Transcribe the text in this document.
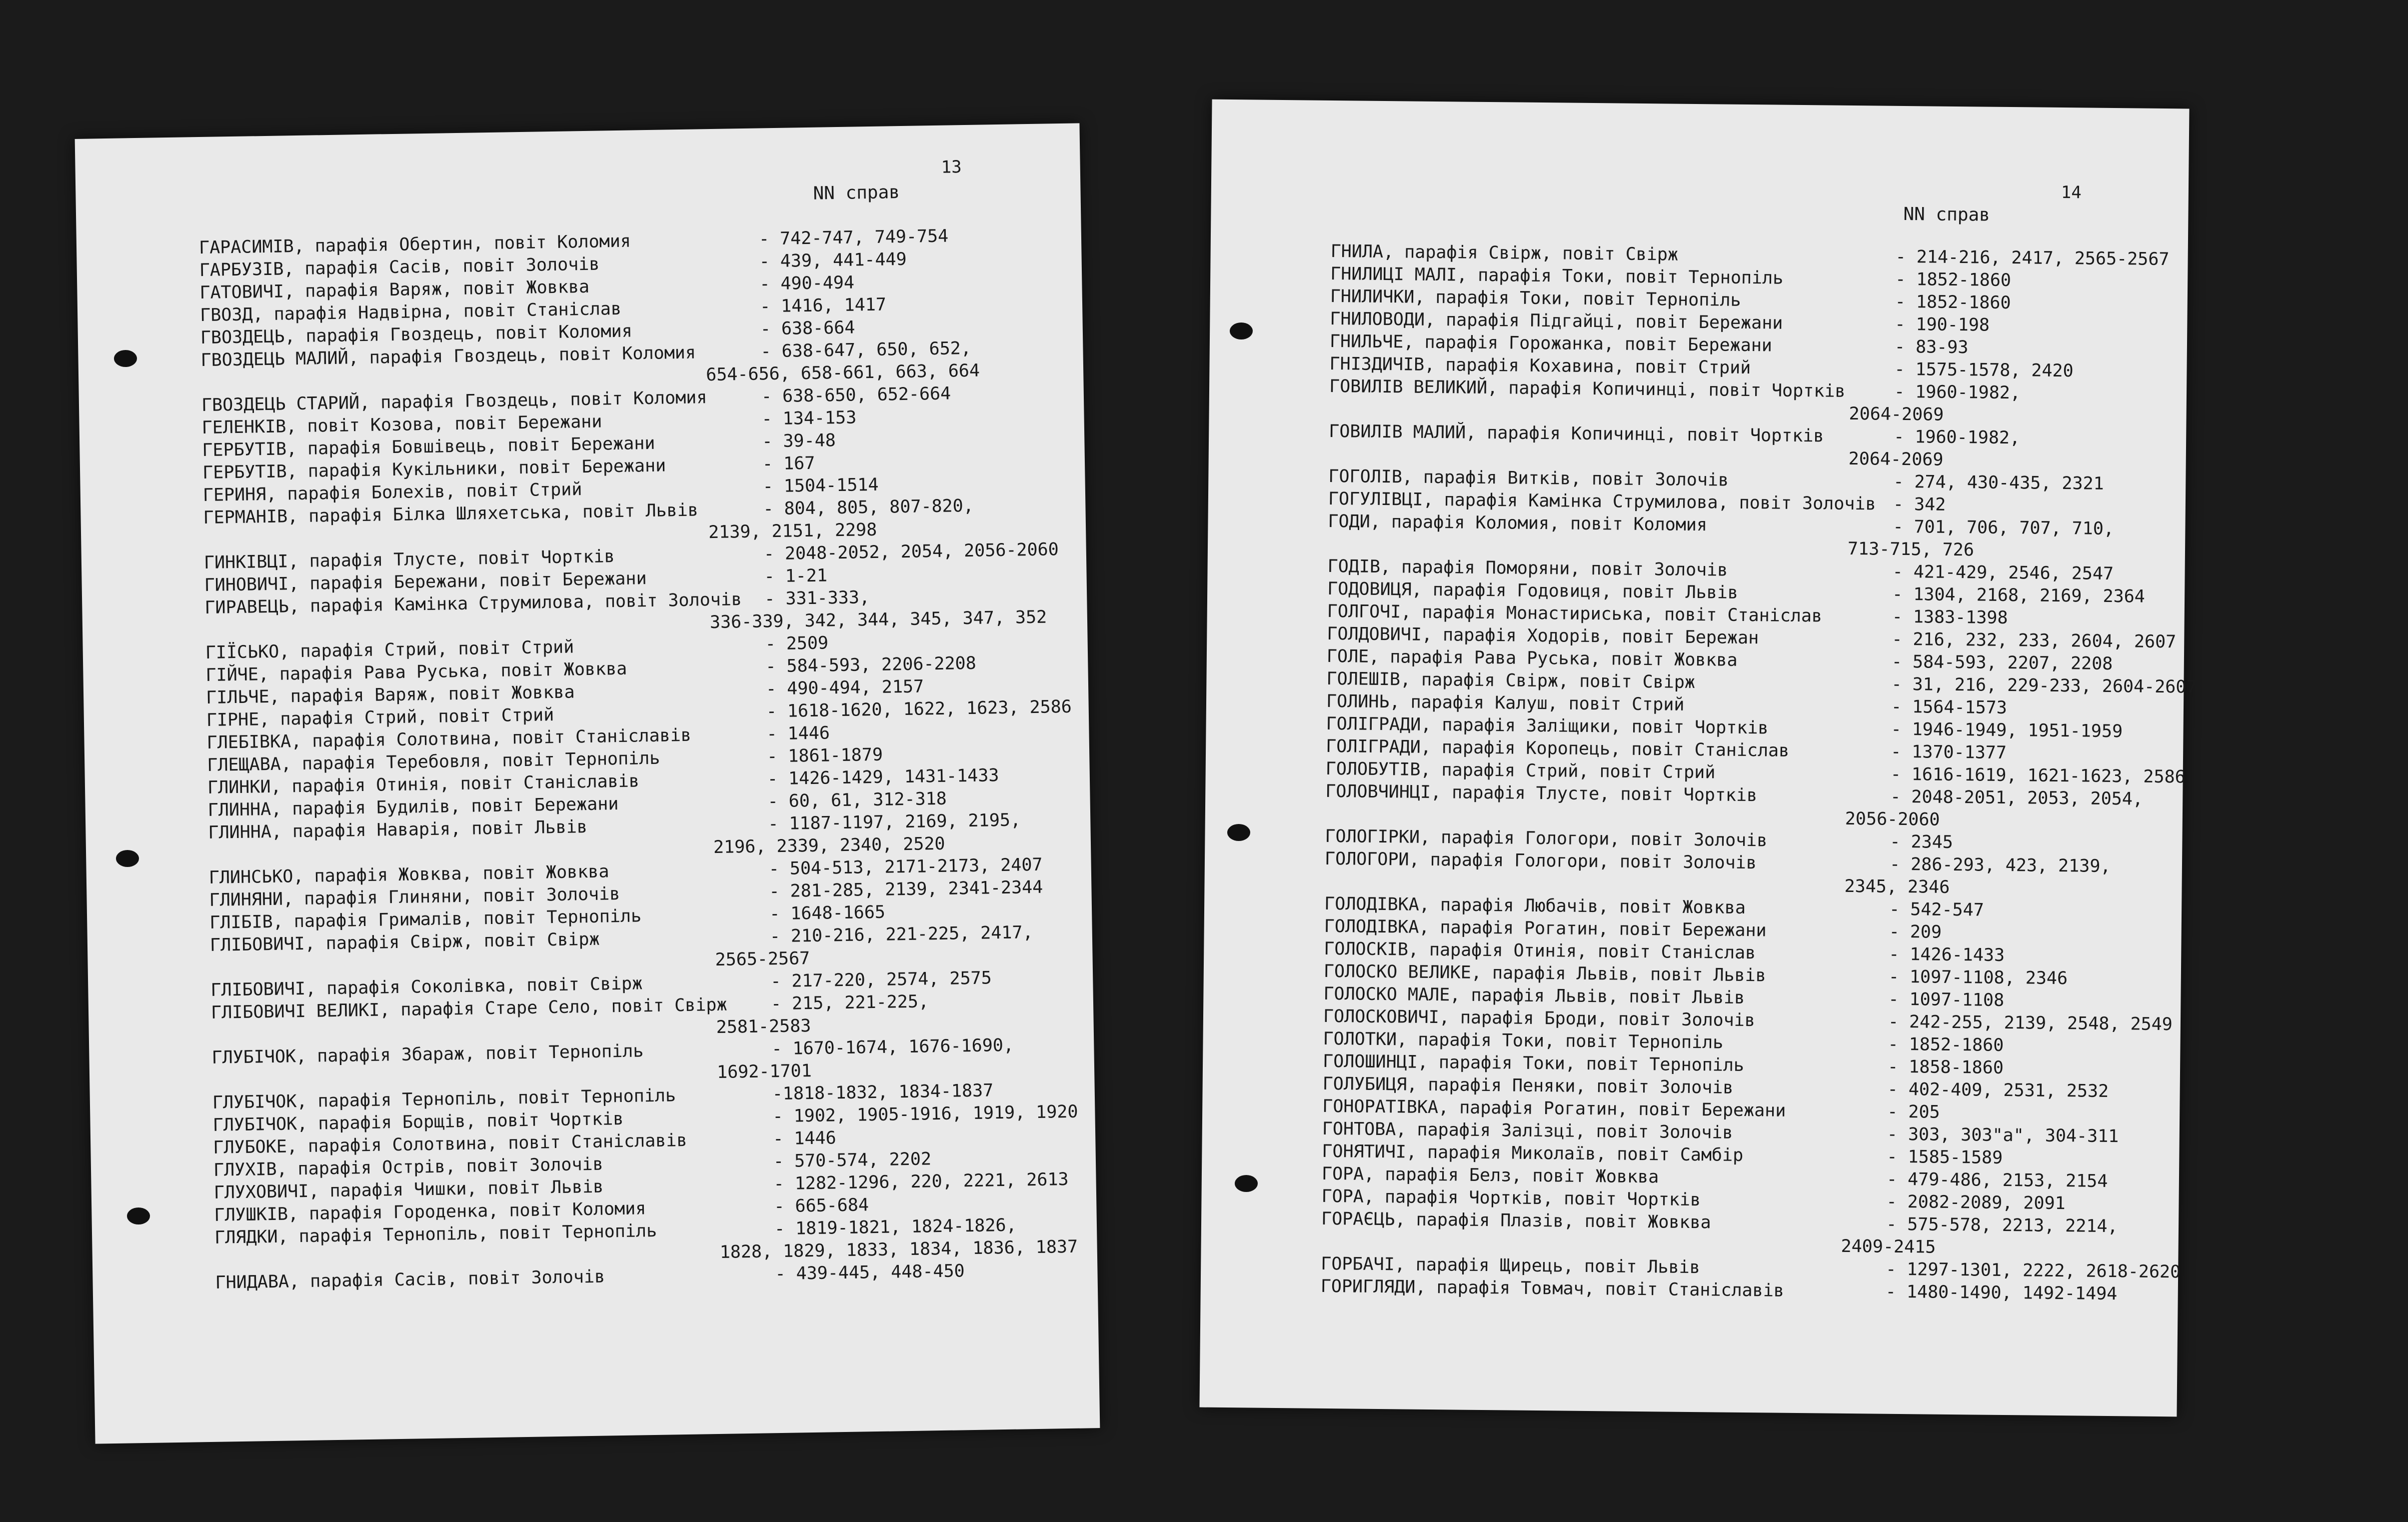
13
NN справ
ГАРАСИМІВ, парафія Обертин, повіт Коломия	- 742-747, 749-754
ГАРБУЗІВ, парафія Сасів, повіт Золочів	- 439, 441-449
ГАТОВИЧІ, парафія Варяж, повіт Жовква	- 490-494
ГВОЗД, парафія Надвірна, повіт Станіслав	- 1416, 1417
ГВОЗДЕЦЬ, парафія Гвоздець, повіт Коломия	- 638-664
ГВОЗДЕЦЬ МАЛИЙ, парафія Гвоздець, повіт Коломия	- 638-647, 650, 652,
654-656, 658-661, 663, 664
ГВОЗДЕЦЬ СТАРИЙ, парафія Гвоздець, повіт Коломия	- 638-650, 652-664
ГЕЛЕНКІВ, повіт Козова, повіт Бережани	- 134-153
ГЕРБУТІВ, парафія Бовшівець, повіт Бережани	- 39-48
ГЕРБУТІВ, парафія Кукільники, повіт Бережани	- 167
ГЕРИНЯ, парафія Болехів, повіт Стрий	- 1504-1514
ГЕРМАНІВ, парафія Білка Шляхетська, повіт Львів	- 804, 805, 807-820,
2139, 2151, 2298
ГИНКІВЦІ, парафія Тлусте, повіт Чортків	- 2048-2052, 2054, 2056-2060
ГИНОВИЧІ, парафія Бережани, повіт Бережани	- 1-21
ГИРАВЕЦЬ, парафія Камінка Струмилова, повіт Золочів - 331-333,
336-339, 342, 344, 345, 347, 352
ГІЇСЬКО, парафія Стрий, повіт Стрий	- 2509
ГІЙЧЕ, парафія Рава Руська, повіт Жовква	- 584-593, 2206-2208
ГІЛЬЧЕ, парафія Варяж, повіт Жовква	- 490-494, 2157
ГІРНЕ, парафія Стрий, повіт Стрий	- 1618-1620, 1622, 1623, 2586
ГЛЕБІВКА, парафія Солотвина, повіт Станіславів	- 1446
ГЛЕЩАВА, парафія Теребовля, повіт Тернопіль	- 1861-1879
ГЛИНКИ, парафія Отинія, повіт Станіславів	- 1426-1429, 1431-1433
ГЛИННА, парафія Будилів, повіт Бережани	- 60, 61, 312-318
ГЛИННА, парафія Наварія, повіт Львів	- 1187-1197, 2169, 2195,
2196, 2339, 2340, 2520
ГЛИНСЬКО, парафія Жовква, повіт Жовква	- 504-513, 2171-2173, 2407
ГЛИНЯНИ, парафія Глиняни, повіт Золочів	- 281-285, 2139, 2341-2344
ГЛІБІВ, парафія Грималів, повіт Тернопіль	- 1648-1665
ГЛІБОВИЧІ, парафія Свірж, повіт Свірж	- 210-216, 221-225, 2417,
2565-2567
ГЛІБОВИЧІ, парафія Соколівка, повіт Свірж	- 217-220, 2574, 2575
ГЛІБОВИЧІ ВЕЛИКІ, парафія Старе Село, повіт Свірж - 215, 221-225,
2581-2583
ГЛУБІЧОК, парафія Збараж, повіт Тернопіль	- 1670-1674, 1676-1690,
1692-1701
ГЛУБІЧОК, парафія Тернопіль, повіт Тернопіль	-1818-1832, 1834-1837
ГЛУБІЧОК, парафія Борщів, повіт Чортків	- 1902, 1905-1916, 1919, 1920
ГЛУБОКЕ, парафія Солотвина, повіт Станіславів	- 1446
ГЛУХІВ, парафія Острів, повіт Золочів	- 570-574, 2202
ГЛУХОВИЧІ, парафія Чишки, повіт Львів	- 1282-1296, 220, 2221, 2613
ГЛУШКІВ, парафія Городенка, повіт Коломия	- 665-684
ГЛЯДКИ, парафія Тернопіль, повіт Тернопіль	- 1819-1821, 1824-1826,
1828, 1829, 1833, 1834, 1836, 1837
ГНИДАВА, парафія Сасів, повіт Золочів	- 439-445, 448-450
14
NN справ
ГНИЛА, парафія Свірж, повіт Свірж	- 214-216, 2417, 2565-2567
ГНИЛИЦІ МАЛІ, парафія Токи, повіт Тернопіль	- 1852-1860
ГНИЛИЧКИ, парафія Токи, повіт Тернопіль	- 1852-1860
ГНИЛОВОДИ, парафія Підгайці, повіт Бережани	- 190-198
ГНИЛЬЧЕ, парафія Горожанка, повіт Бережани	- 83-93
ГНІЗДИЧІВ, парафія Кохавина, повіт Стрий	- 1575-1578, 2420
ГОВИЛІВ ВЕЛИКИЙ, парафія Копичинці, повіт Чортків	- 1960-1982,
2064-2069
ГОВИЛІВ МАЛИЙ, парафія Копичинці, повіт Чортків	- 1960-1982,
2064-2069
ГОГОЛІВ, парафія Витків, повіт Золочів	- 274, 430-435, 2321
ГОГУЛІВЦІ, парафія Камінка Струмилова, повіт Золочів - 342
ГОДИ, парафія Коломия, повіт Коломия	- 701, 706, 707, 710,
713-715, 726
ГОДІВ, парафія Поморяни, повіт Золочів	- 421-429, 2546, 2547
ГОДОВИЦЯ, парафія Годовиця, повіт Львів	- 1304, 2168, 2169, 2364
ГОЛГОЧІ, парафія Монастириська, повіт Станіслав	- 1383-1398
ГОЛДОВИЧІ, парафія Ходорів, повіт Бережан	- 216, 232, 233, 2604, 2607
ГОЛЕ, парафія Рава Руська, повіт Жовква	- 584-593, 2207, 2208
ГОЛЕШІВ, парафія Свірж, повіт Свірж	- 31, 216, 229-233, 2604-2607
ГОЛИНЬ, парафія Калуш, повіт Стрий	- 1564-1573
ГОЛІГРАДИ, парафія Заліщики, повіт Чортків	- 1946-1949, 1951-1959
ГОЛІГРАДИ, парафія Коропець, повіт Станіслав	- 1370-1377
ГОЛОБУТІВ, парафія Стрий, повіт Стрий	- 1616-1619, 1621-1623, 2586
ГОЛОВЧИНЦІ, парафія Тлусте, повіт Чортків	- 2048-2051, 2053, 2054,
2056-2060
ГОЛОГІРКИ, парафія Гологори, повіт Золочів	- 2345
ГОЛОГОРИ, парафія Гологори, повіт Золочів	- 286-293, 423, 2139,
2345, 2346
ГОЛОДІВКА, парафія Любачів, повіт Жовква	- 542-547
ГОЛОДІВКА, парафія Рогатин, повіт Бережани	- 209
ГОЛОСКІВ, парафія Отинія, повіт Станіслав	- 1426-1433
ГОЛОСКО ВЕЛИКЕ, парафія Львів, повіт Львів	- 1097-1108, 2346
ГОЛОСКО МАЛЕ, парафія Львів, повіт Львів	- 1097-1108
ГОЛОСКОВИЧІ, парафія Броди, повіт Золочів	- 242-255, 2139, 2548, 2549
ГОЛОТКИ, парафія Токи, повіт Тернопіль	- 1852-1860
ГОЛОШИНЦІ, парафія Токи, повіт Тернопіль	- 1858-1860
ГОЛУБИЦЯ, парафія Пеняки, повіт Золочів	- 402-409, 2531, 2532
ГОНОРАТІВКА, парафія Рогатин, повіт Бережани	- 205
ГОНТОВА, парафія Залізці, повіт Золочів	- 303, 303"а", 304-311
ГОНЯТИЧІ, парафія Миколаїв, повіт Самбір	- 1585-1589
ГОРА, парафія Белз, повіт Жовква	- 479-486, 2153, 2154
ГОРА, парафія Чортків, повіт Чортків	- 2082-2089, 2091
ГОРАЄЦЬ, парафія Плазів, повіт Жовква	- 575-578, 2213, 2214,
2409-2415
ГОРБАЧІ, парафія Щирець, повіт Львів	- 1297-1301, 2222, 2618-2620
ГОРИГЛЯДИ, парафія Товмач, повіт Станіславів	- 1480-1490, 1492-1494
